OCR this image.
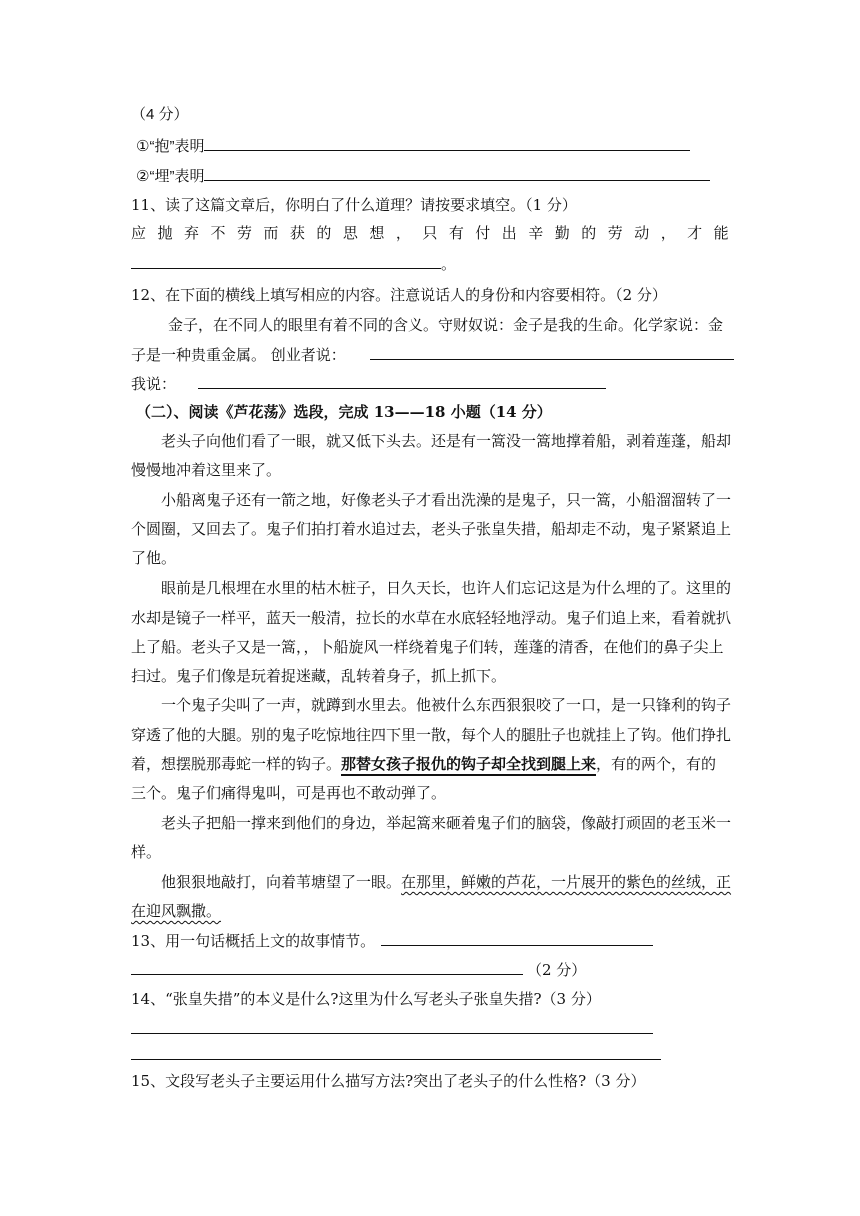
（4 分）
①“抱”表明
②“埋”表明
11、读了这篇文章后，你明白了什么道理？请按要求填空。（1 分）
应 抛 弃 不 劳 而 获 的 思 想 ， 只 有 付 出 辛 勤 的 劳 动 ， 才 能
。
12、在下面的横线上填写相应的内容。注意说话人的身份和内容要相符。（2 分）
金子，在不同人的眼里有着不同的含义。守财奴说：金子是我的生命。化学家说：金
子是一种贵重金属。 创业者说：
我说：
（二）、阅读《芦花荡》选段，完成 13——18 小题（14 分）
老头子向他们看了一眼，就又低下头去。还是有一篙没一篙地撑着船，剥着莲蓬，船却
慢慢地冲着这里来了。
小船离鬼子还有一箭之地，好像老头子才看出洗澡的是鬼子，只一篙，小船溜溜转了一
个圆圈，又回去了。鬼子们拍打着水追过去，老头子张皇失措，船却走不动，鬼子紧紧追上
了他。
眼前是几根埋在水里的枯木桩子，日久天长，也许人们忘记这是为什么埋的了。这里的
水却是镜子一样平，蓝天一般清，拉长的水草在水底轻轻地浮动。鬼子们追上来，看着就扒
上了船。老头子又是一篙，，卜船旋风一样绕着鬼子们转，莲蓬的清香，在他们的鼻子尖上
扫过。鬼子们像是玩着捉迷藏，乱转着身子，抓上抓下。
一个鬼子尖叫了一声，就蹲到水里去。他被什么东西狠狠咬了一口，是一只锋利的钩子
穿透了他的大腿。别的鬼子吃惊地往四下里一散，每个人的腿肚子也就挂上了钩。他们挣扎
着，想摆脱那毒蛇一样的钩子。那替女孩子报仇的钩子却全找到腿上来，有的两个，有的
三个。鬼子们痛得鬼叫，可是再也不敢动弹了。
老头子把船一撑来到他们的身边，举起篙来砸着鬼子们的脑袋，像敲打顽固的老玉米一
样。
他狠狠地敲打，向着苇塘望了一眼。在那里，鲜嫩的芦花，一片展开的紫色的丝绒，正
在迎风飘撒。
13、用一句话概括上文的故事情节。
（2 分）
14、“张皇失措”的本义是什么?这里为什么写老头子张皇失措?（3 分）
15、文段写老头子主要运用什么描写方法?突出了老头子的什么性格?（3 分）
